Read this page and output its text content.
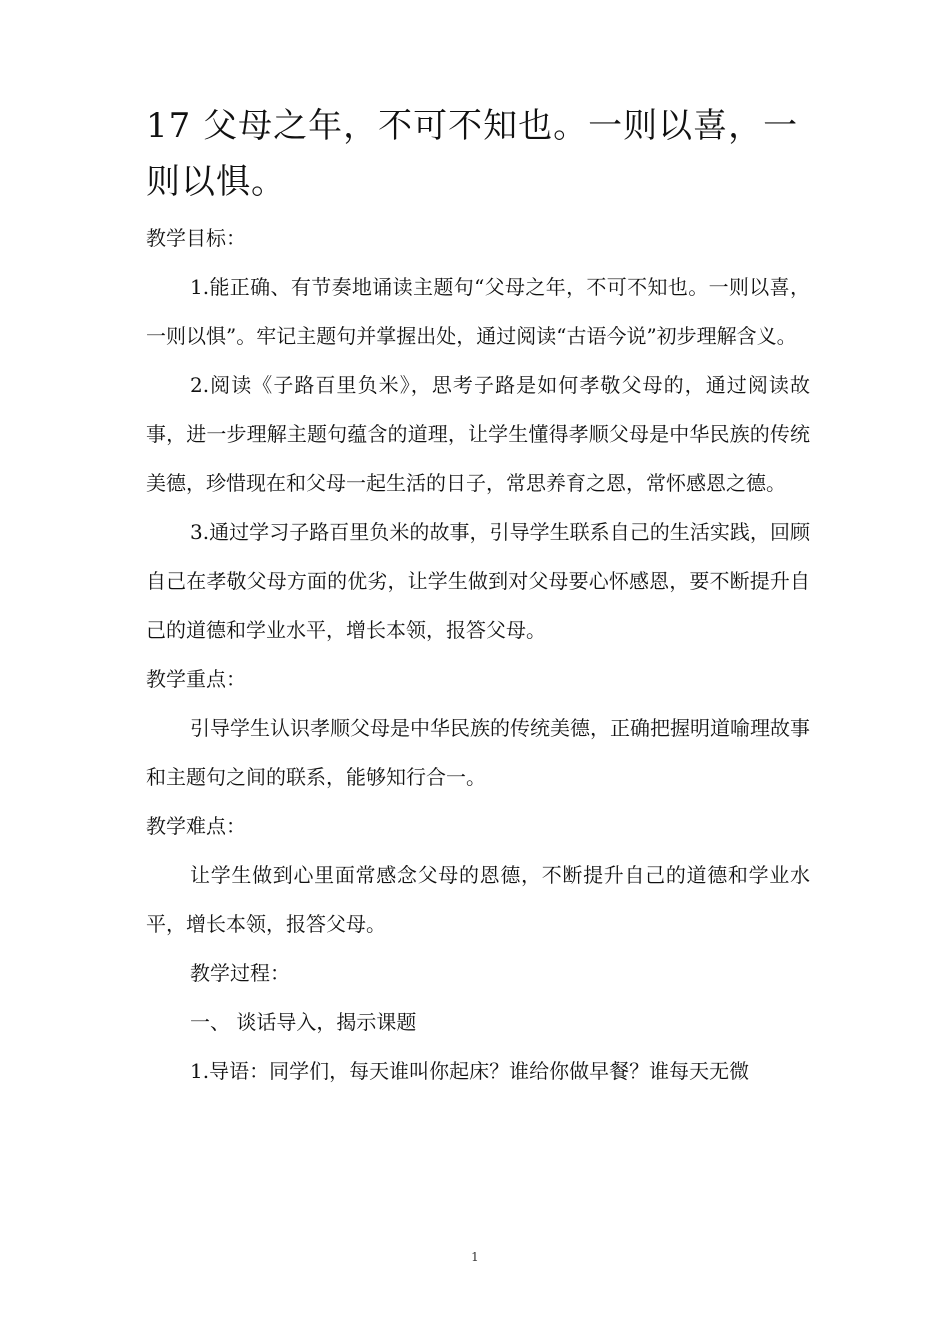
17 父母之年，不可不知也。一则以喜，一则以惧。

教学目标：

1.能正确、有节奏地诵读主题句“父母之年，不可不知也。一则以喜，一则以惧”。牢记主题句并掌握出处，通过阅读“古语今说”初步理解含义。

2.阅读《子路百里负米》，思考子路是如何孝敬父母的，通过阅读故事，进一步理解主题句蕴含的道理，让学生懂得孝顺父母是中华民族的传统美德，珍惜现在和父母一起生活的日子，常思养育之恩，常怀感恩之德。

3.通过学习子路百里负米的故事，引导学生联系自己的生活实践，回顾自己在孝敬父母方面的优劣，让学生做到对父母要心怀感恩，要不断提升自己的道德和学业水平，增长本领，报答父母。

教学重点：

引导学生认识孝顺父母是中华民族的传统美德，正确把握明道喻理故事和主题句之间的联系，能够知行合一。

教学难点：

让学生做到心里面常感念父母的恩德，不断提升自己的道德和学业水平，增长本领，报答父母。

教学过程：

一、 谈话导入，揭示课题

1.导语：同学们，每天谁叫你起床？谁给你做早餐？谁每天无微

1
